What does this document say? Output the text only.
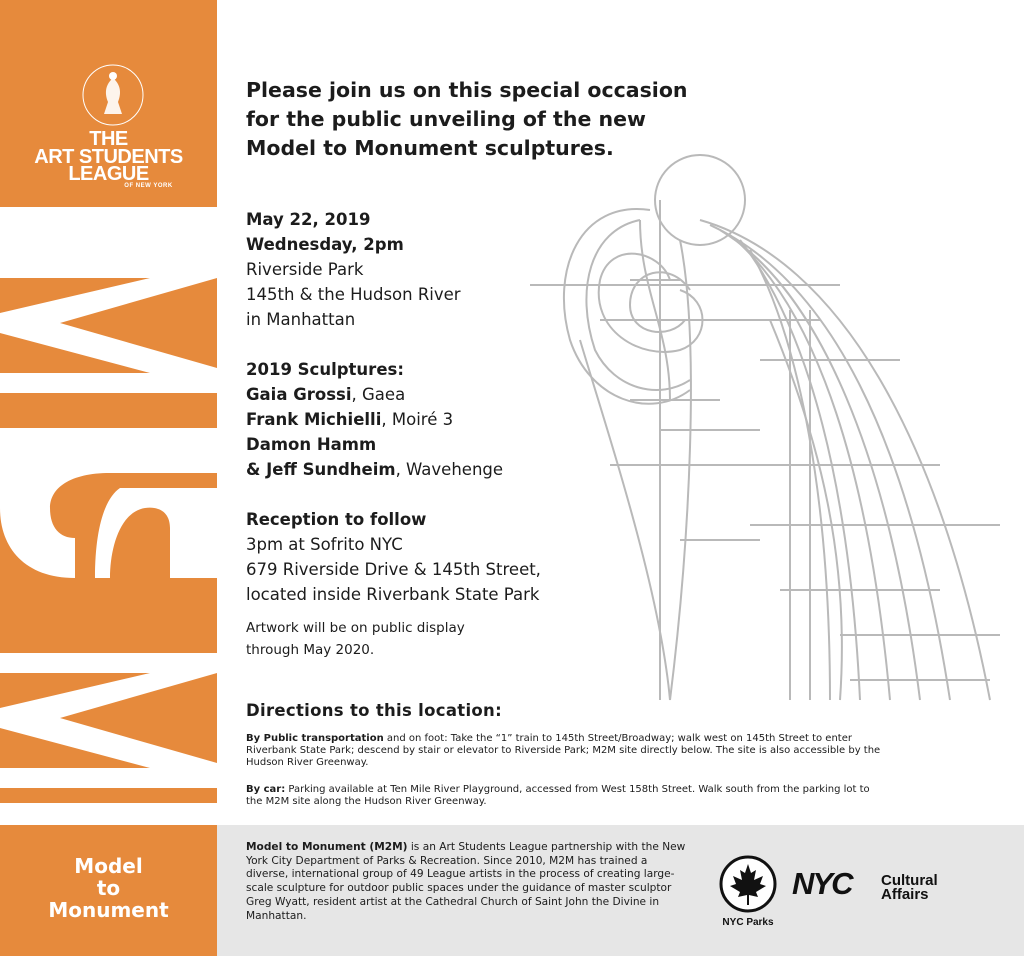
THE
ART STUDENTS
LEAGUE
OF NEW YORK
Model
to
Monument
Please join us on this special occasion
for the public unveiling of the new
Model to Monument sculptures.
May 22, 2019
Wednesday, 2pm
Riverside Park
145th & the Hudson River
in Manhattan
2019 Sculptures:
Gaia Grossi, Gaea
Frank Michielli, Moiré 3
Damon Hamm
& Jeff Sundheim, Wavehenge
Reception to follow
3pm at Sofrito NYC
679 Riverside Drive & 145th Street,
located inside Riverbank State Park
Artwork will be on public display
through May 2020.
Directions to this location:
By Public transportation and on foot: Take the “1” train to 145th Street/Broadway; walk west on 145th Street to enter Riverbank State Park; descend by stair or elevator to Riverside Park; M2M site directly below. The site is also accessible by the Hudson River Greenway.
By car: Parking available at Ten Mile River Playground, accessed from West 158th Street. Walk south from the parking lot to the M2M site along the Hudson River Greenway.
Model to Monument (M2M) is an Art Students League partnership with the New York City Department of Parks & Recreation. Since 2010, M2M has trained a diverse, international group of 49 League artists in the process of creating large-scale sculpture for outdoor public spaces under the guidance of master sculptor Greg Wyatt, resident artist at the Cathedral Church of Saint John the Divine in Manhattan.
NYC Parks
NYC Cultural
Affairs
